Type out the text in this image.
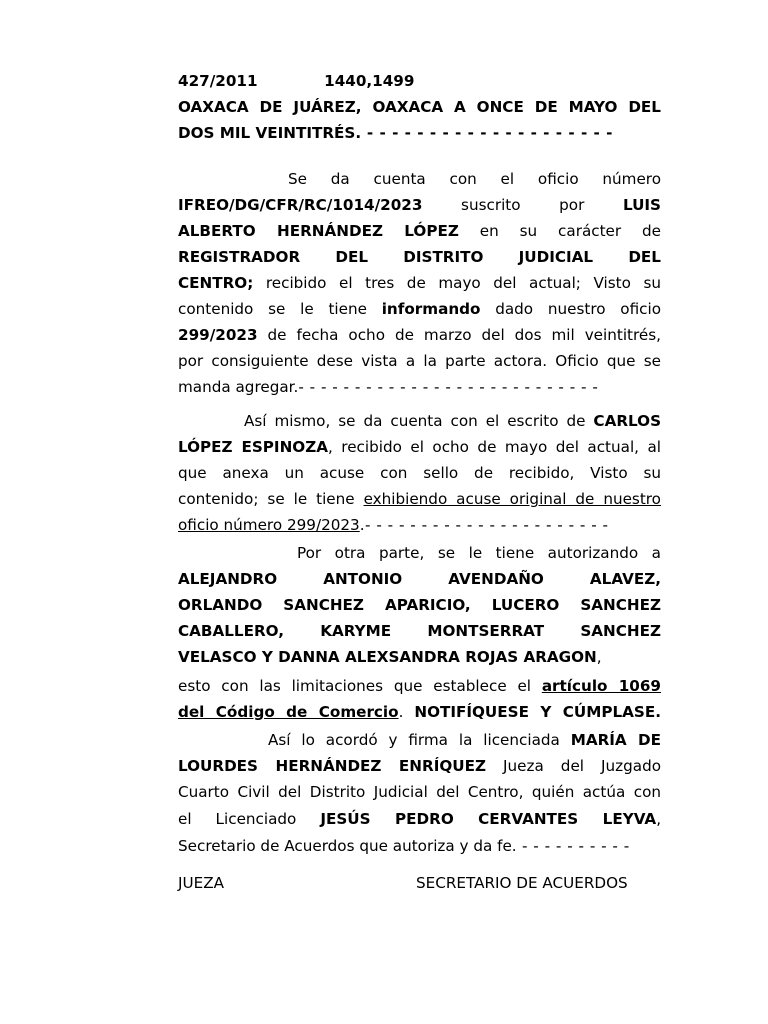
427/2011	1440,1499
OAXACA DE JUÁREZ, OAXACA A ONCE DE MAYO DEL
DOS MIL VEINTITRÉS. - - - - - - - - - - - - - - - - - - - -
Se da cuenta con el oficio número
IFREO/DG/CFR/RC/1014/2023	suscrito por	LUIS
ALBERTO HERNÁNDEZ LÓPEZ en su carácter de
REGISTRADOR DEL DISTRITO JUDICIAL DEL
CENTRO; recibido el tres de mayo del actual; Visto su
contenido se le tiene informando dado nuestro oficio
299/2023 de fecha ocho de marzo del dos mil veintitrés,
por consiguiente dese vista a la parte actora. Oficio que se
manda agregar.- - - - - - - - - - - - - - - - - - - - - - - - - - -
Así mismo, se da cuenta con el escrito de CARLOS
LÓPEZ ESPINOZA, recibido el ocho de mayo del actual, al
que anexa un acuse con sello de recibido, Visto su
contenido; se le tiene exhibiendo acuse original de nuestro
oficio número 299/2023.- - - - - - - - - - - - - - - - - - - - - -
Por otra parte, se le tiene autorizando a
ALEJANDRO ANTONIO AVENDAÑO ALAVEZ,
ORLANDO SANCHEZ APARICIO, LUCERO SANCHEZ
CABALLERO, KARYME MONTSERRAT SANCHEZ
VELASCO Y DANNA ALEXSANDRA ROJAS ARAGON,
esto con las limitaciones que establece el artículo 1069
del Código de Comercio. NOTIFÍQUESE Y CÚMPLASE.
Así lo acordó y firma la licenciada MARÍA DE
LOURDES HERNÁNDEZ ENRÍQUEZ Jueza del Juzgado
Cuarto Civil del Distrito Judicial del Centro, quién actúa con
el Licenciado JESÚS PEDRO CERVANTES LEYVA,
Secretario de Acuerdos que autoriza y da fe. - - - - - - - - - -
JUEZA	SECRETARIO DE ACUERDOS
